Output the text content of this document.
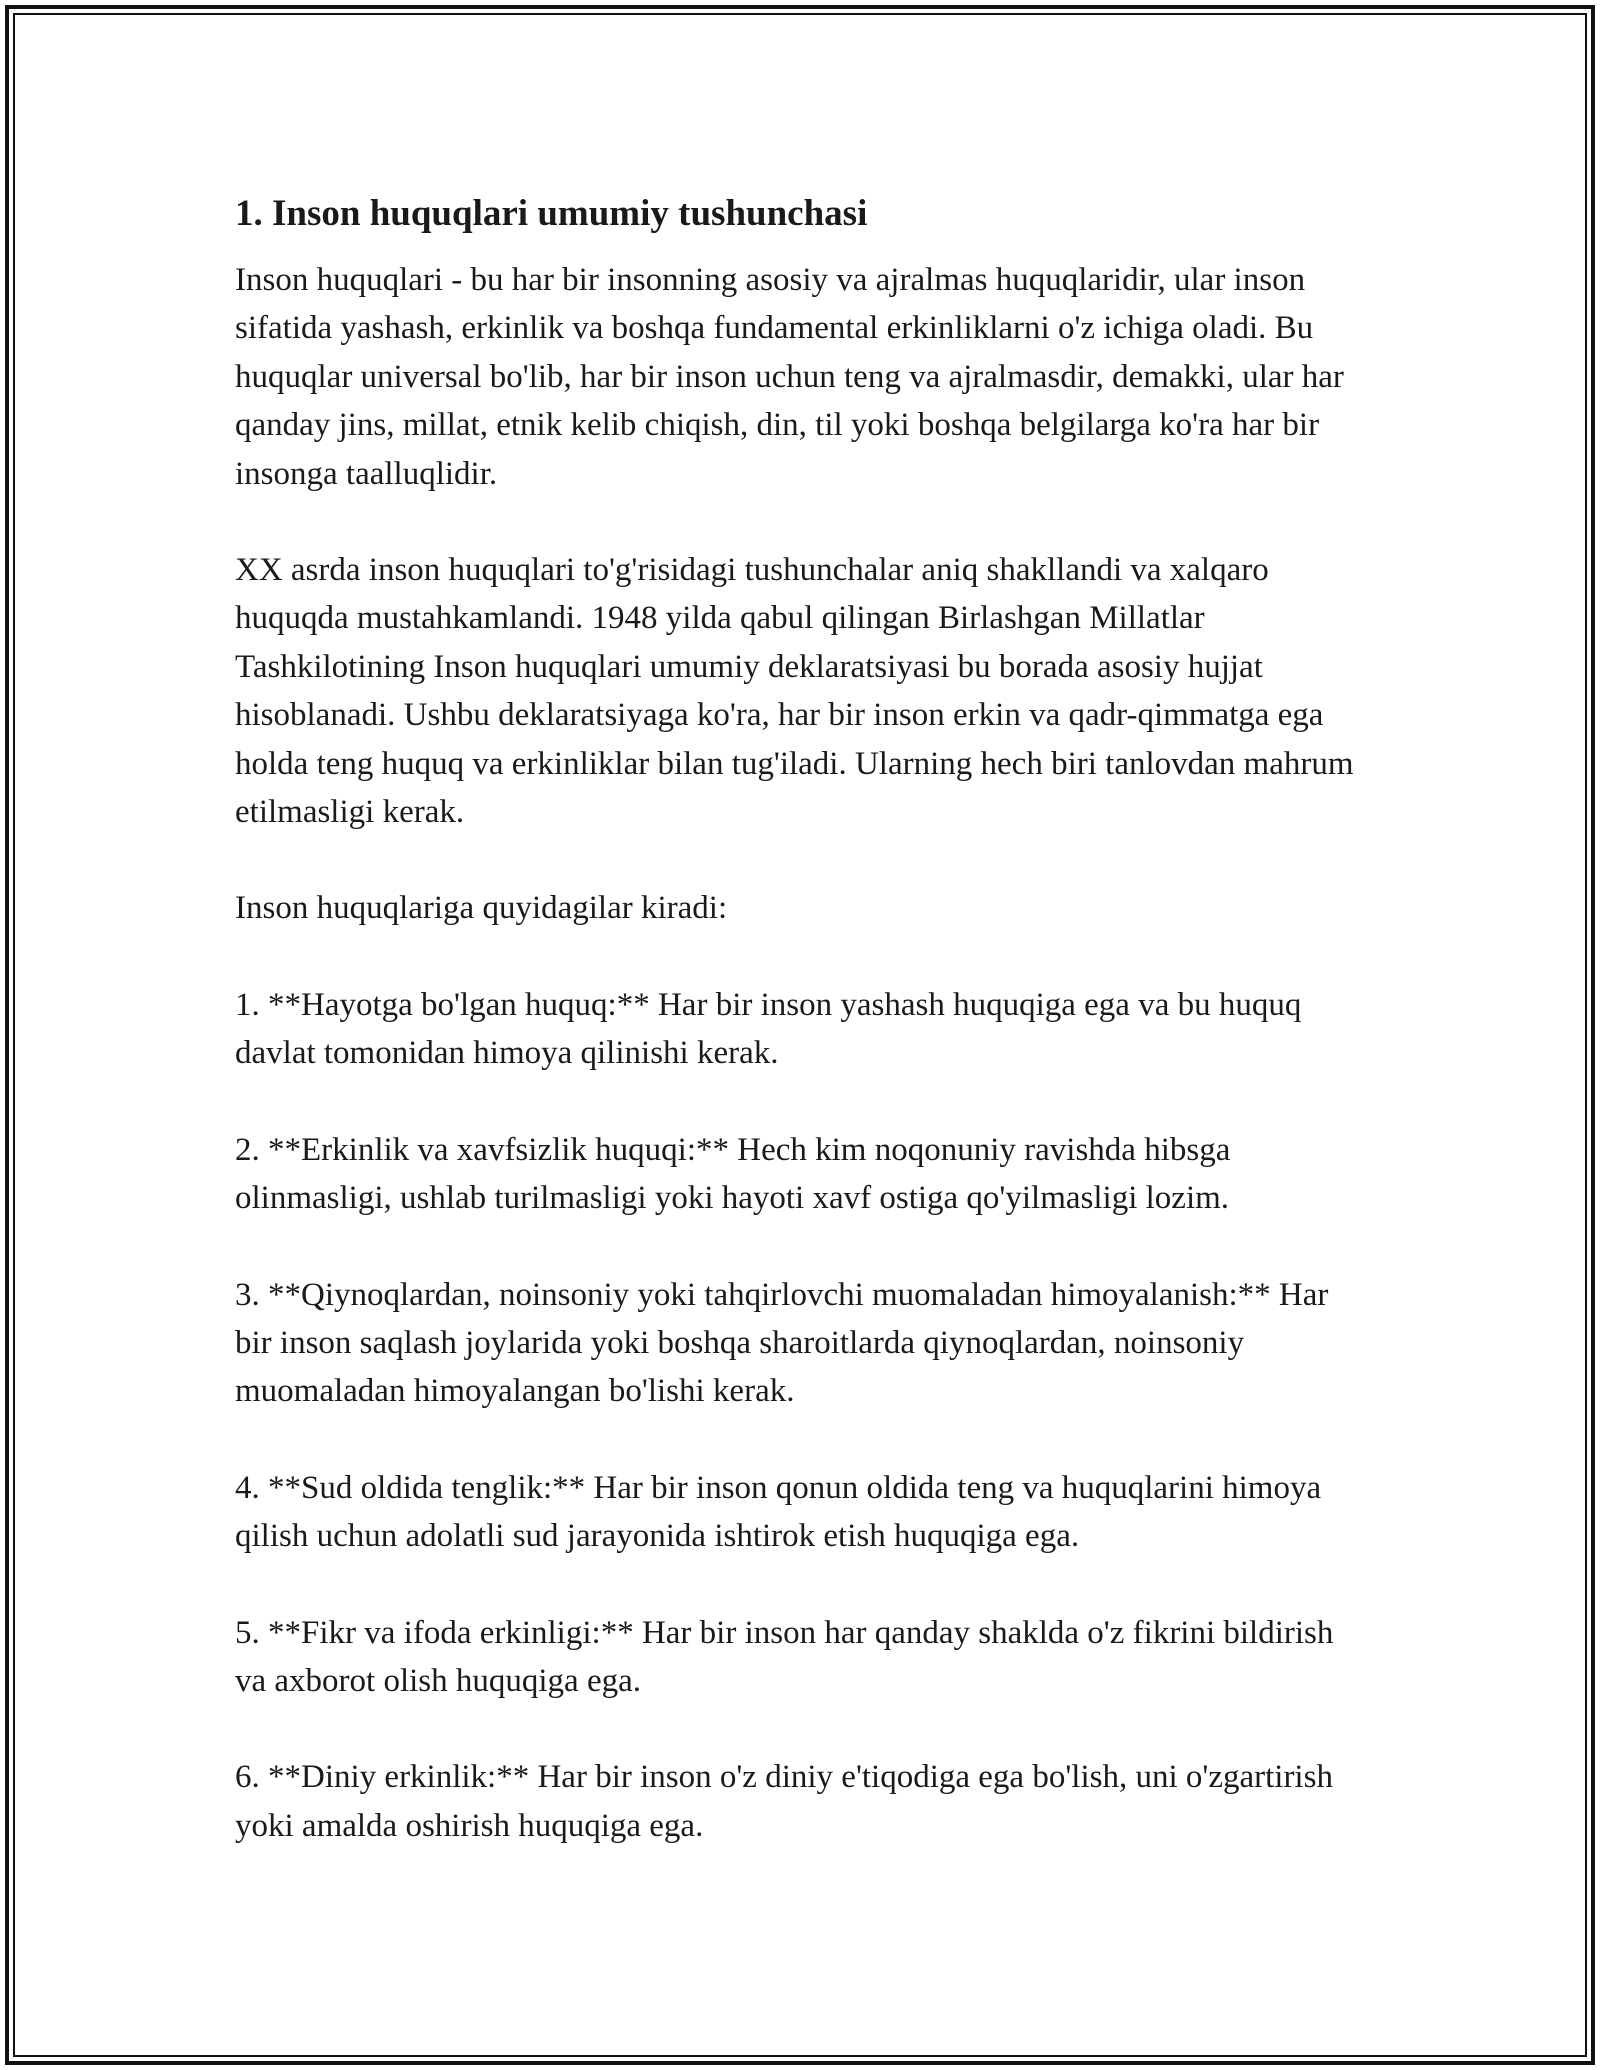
1. Inson huquqlari umumiy tushunchasi

Inson huquqlari - bu har bir insonning asosiy va ajralmas huquqlaridir, ular inson sifatida yashash, erkinlik va boshqa fundamental erkinliklarni o'z ichiga oladi. Bu huquqlar universal bo'lib, har bir inson uchun teng va ajralmasdir, demakki, ular har qanday jins, millat, etnik kelib chiqish, din, til yoki boshqa belgilarga ko'ra har bir insonga taalluqlidir.

XX asrda inson huquqlari to'g'risidagi tushunchalar aniq shakllandi va xalqaro huquqda mustahkamlandi. 1948 yilda qabul qilingan Birlashgan Millatlar Tashkilotining Inson huquqlari umumiy deklaratsiyasi bu borada asosiy hujjat hisoblanadi. Ushbu deklaratsiyaga ko'ra, har bir inson erkin va qadr-qimmatga ega holda teng huquq va erkinliklar bilan tug'iladi. Ularning hech biri tanlovdan mahrum etilmasligi kerak.

Inson huquqlariga quyidagilar kiradi:

1. **Hayotga bo'lgan huquq:** Har bir inson yashash huquqiga ega va bu huquq davlat tomonidan himoya qilinishi kerak.

2. **Erkinlik va xavfsizlik huquqi:** Hech kim noqonuniy ravishda hibsga olinmasligi, ushlab turilmasligi yoki hayoti xavf ostiga qo'yilmasligi lozim.

3. **Qiynoqlardan, noinsoniy yoki tahqirlovchi muomaladan himoyalanish:** Har bir inson saqlash joylarida yoki boshqa sharoitlarda qiynoqlardan, noinsoniy muomaladan himoyalangan bo'lishi kerak.

4. **Sud oldida tenglik:** Har bir inson qonun oldida teng va huquqlarini himoya qilish uchun adolatli sud jarayonida ishtirok etish huquqiga ega.

5. **Fikr va ifoda erkinligi:** Har bir inson har qanday shaklda o'z fikrini bildirish va axborot olish huquqiga ega.

6. **Diniy erkinlik:** Har bir inson o'z diniy e'tiqodiga ega bo'lish, uni o'zgartirish yoki amalda oshirish huquqiga ega.
